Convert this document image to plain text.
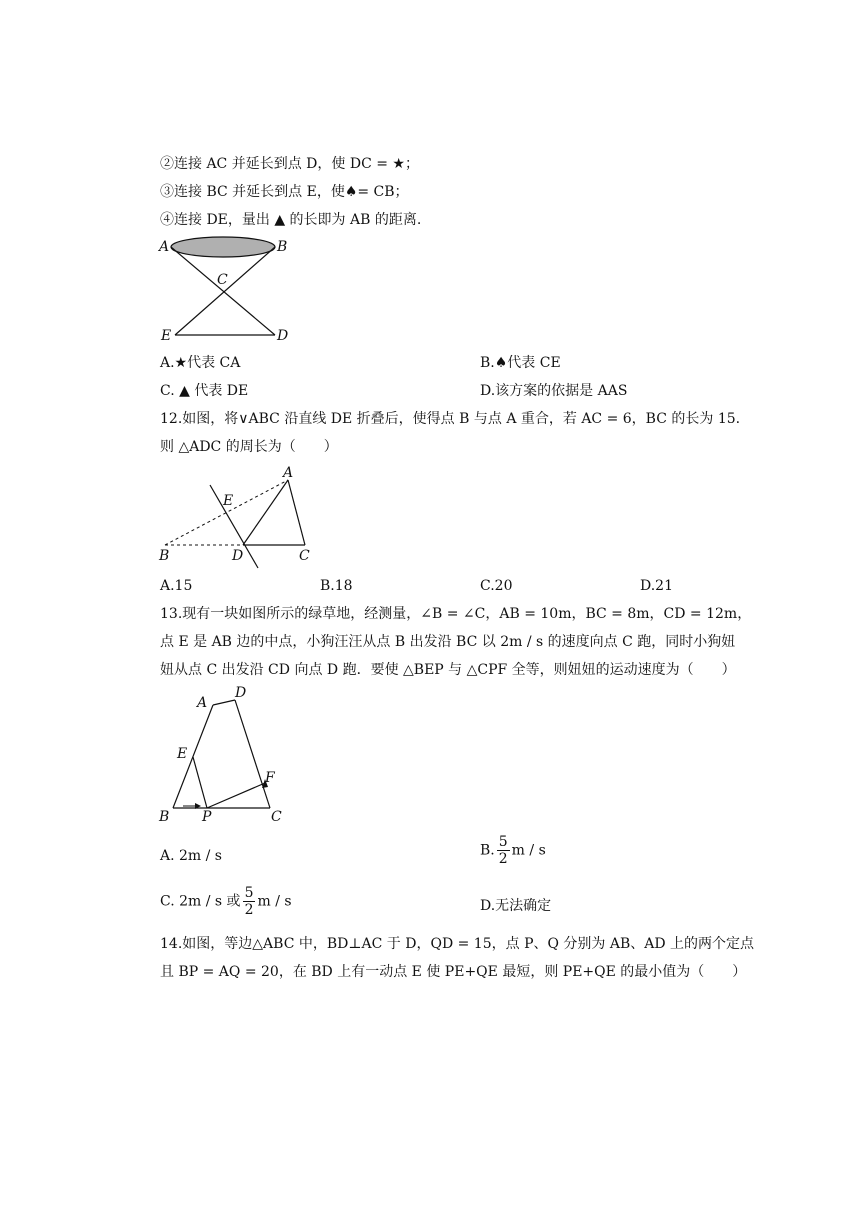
②连接 AC 并延长到点 D，使 DC = ★；
③连接 BC 并延长到点 E，使♠= CB；
④连接 DE，量出 ▲ 的长即为 AB 的距离.
A	B
C
E	D
A.★代表 CA	B.♠代表 CE
C. ▲ 代表 DE	D.该方案的依据是 AAS
12.如图，将∨ABC 沿直线 DE 折叠后，使得点 B 与点 A 重合，若 AC = 6，BC 的长为 15.
则 △ADC 的周长为（　　）
A
E
B	D	C
A.15	B.18	C.20	D.21
13.现有一块如图所示的绿草地，经测量，∠B = ∠C，AB = 10m，BC = 8m，CD = 12m，
点 E 是 AB 边的中点，小狗汪汪从点 B 出发沿 BC 以 2m / s 的速度向点 C 跑，同时小狗妞
妞从点 C 出发沿 CD 向点 D 跑．要使 △BEP 与 △CPF 全等，则妞妞的运动速度为（　　）
A
D
E
F
B P	C
A. 2m / s	B. $\frac{5}{2}$ m / s
C. 2m / s 或 $\frac{5}{2}$ m / s	D.无法确定
14.如图，等边△ABC 中，BD⊥AC 于 D，QD = 15，点 P、Q 分别为 AB、AD 上的两个定点
且 BP = AQ = 20，在 BD 上有一动点 E 使 PE+QE 最短，则 PE+QE 的最小值为（　　）
